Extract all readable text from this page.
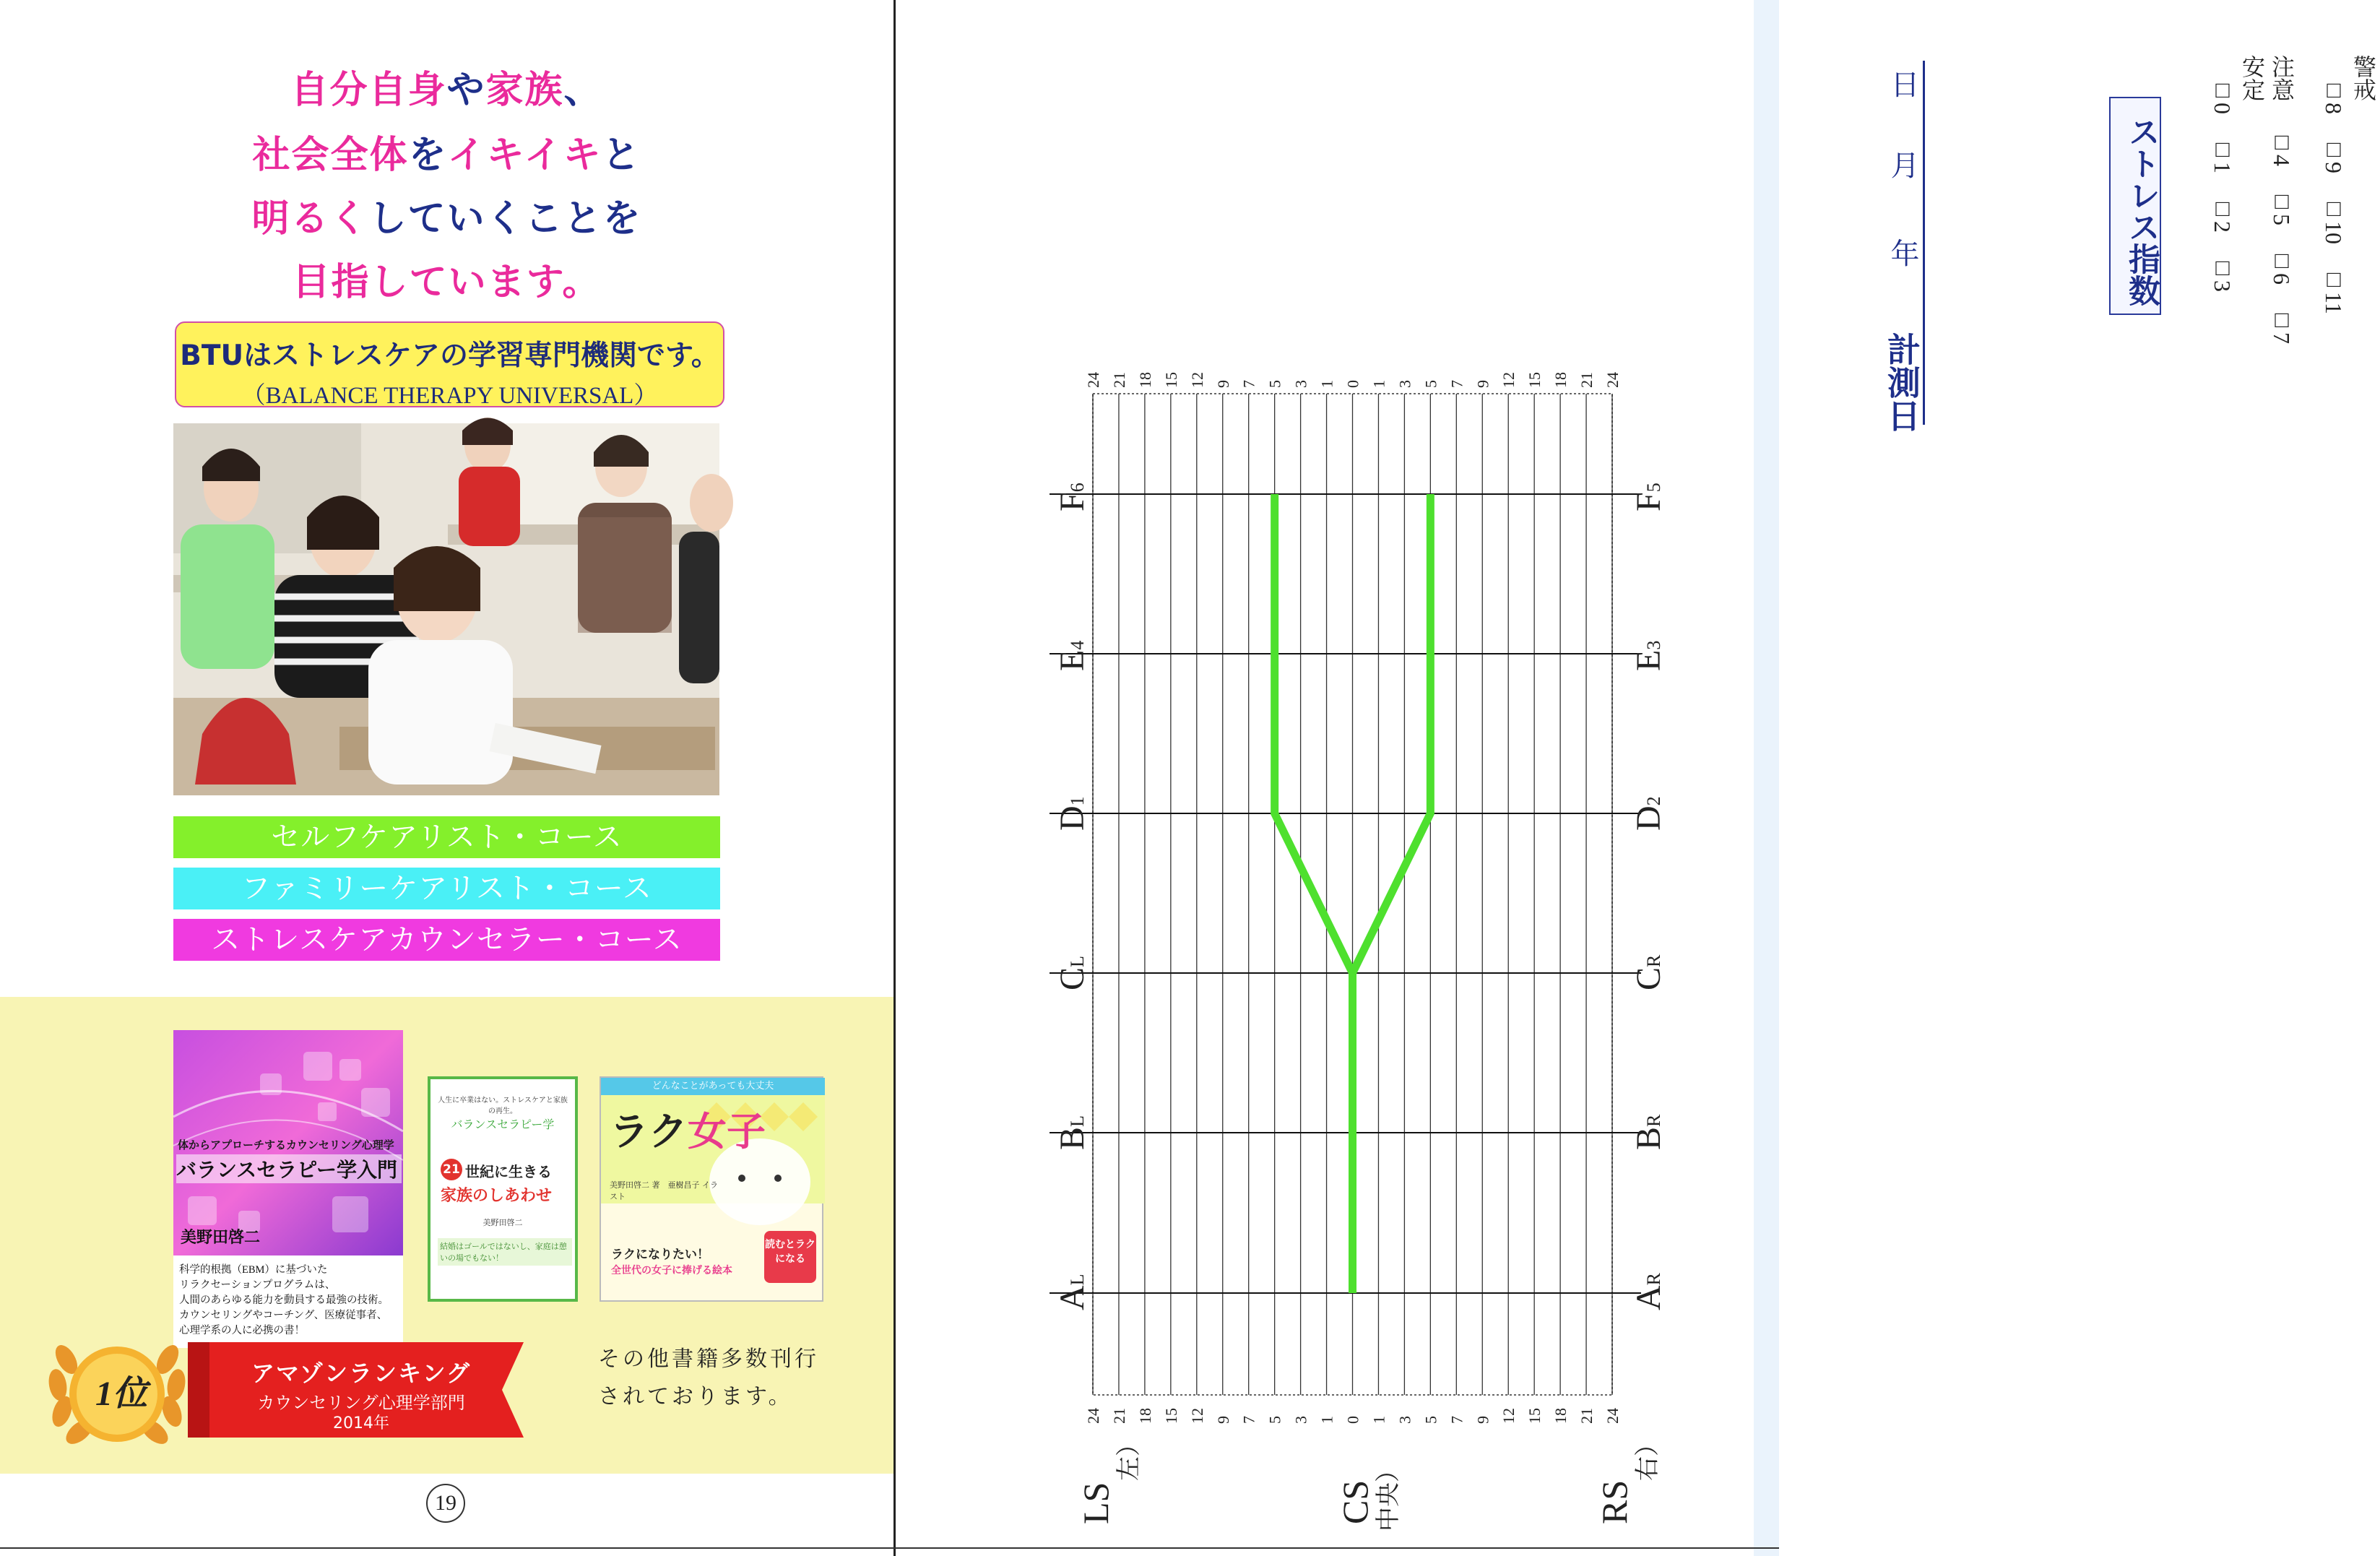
自分自身や家族、
社会全体をイキイキと
明るくしていくことを
目指しています。
BTUはストレスケアの学習専門機関です。
（BALANCE THERAPY UNIVERSAL）
セルフケアリスト・コース
ファミリーケアリスト・コース
ストレスケアカウンセラー・コース
体からアプローチするカウンセリング心理学
バランスセラピー学入門
美野田啓二
科学的根拠（EBM）に基づいた
リラクセーションプログラムは、
人間のあらゆる能力を動員する最強の技術。
カウンセリングやコーチング、医療従事者、
心理学系の人に必携の書！
人生に卒業はない。ストレスケアと家族の再生。
バランスセラピー学
21 世紀に生きる
家族のしあわせ
美野田啓二
結婚はゴールではないし、家庭は憩いの場でもない！
どんなことがあっても大丈夫
ラク女子
美野田啓二 著　亜樹昌子 イラスト
ラクになりたい！
全世代の女子に捧げる絵本
読むとラクになる
1位
アマゾンランキング
カウンセリング心理学部門
2014年
その他書籍多数刊行
されております。
19
計測日
年
月
日
ストレス指数
安定 □0□1□2□3
注意 □4□5□6□7
警戒 □8□9□10□11
24
24
21
21
18
18
15
15
12
12
9
9
7
7
5
5
3
3
1
1
0
0
1
1
3
3
5
5
7
7
9
9
12
12
15
15
18
18
21
21
24
24
AL
AR
BL
BR
CL
CR
D1
D2
E4
E3
F6
F5
LS
左）
CS 中央）	RS
右）
